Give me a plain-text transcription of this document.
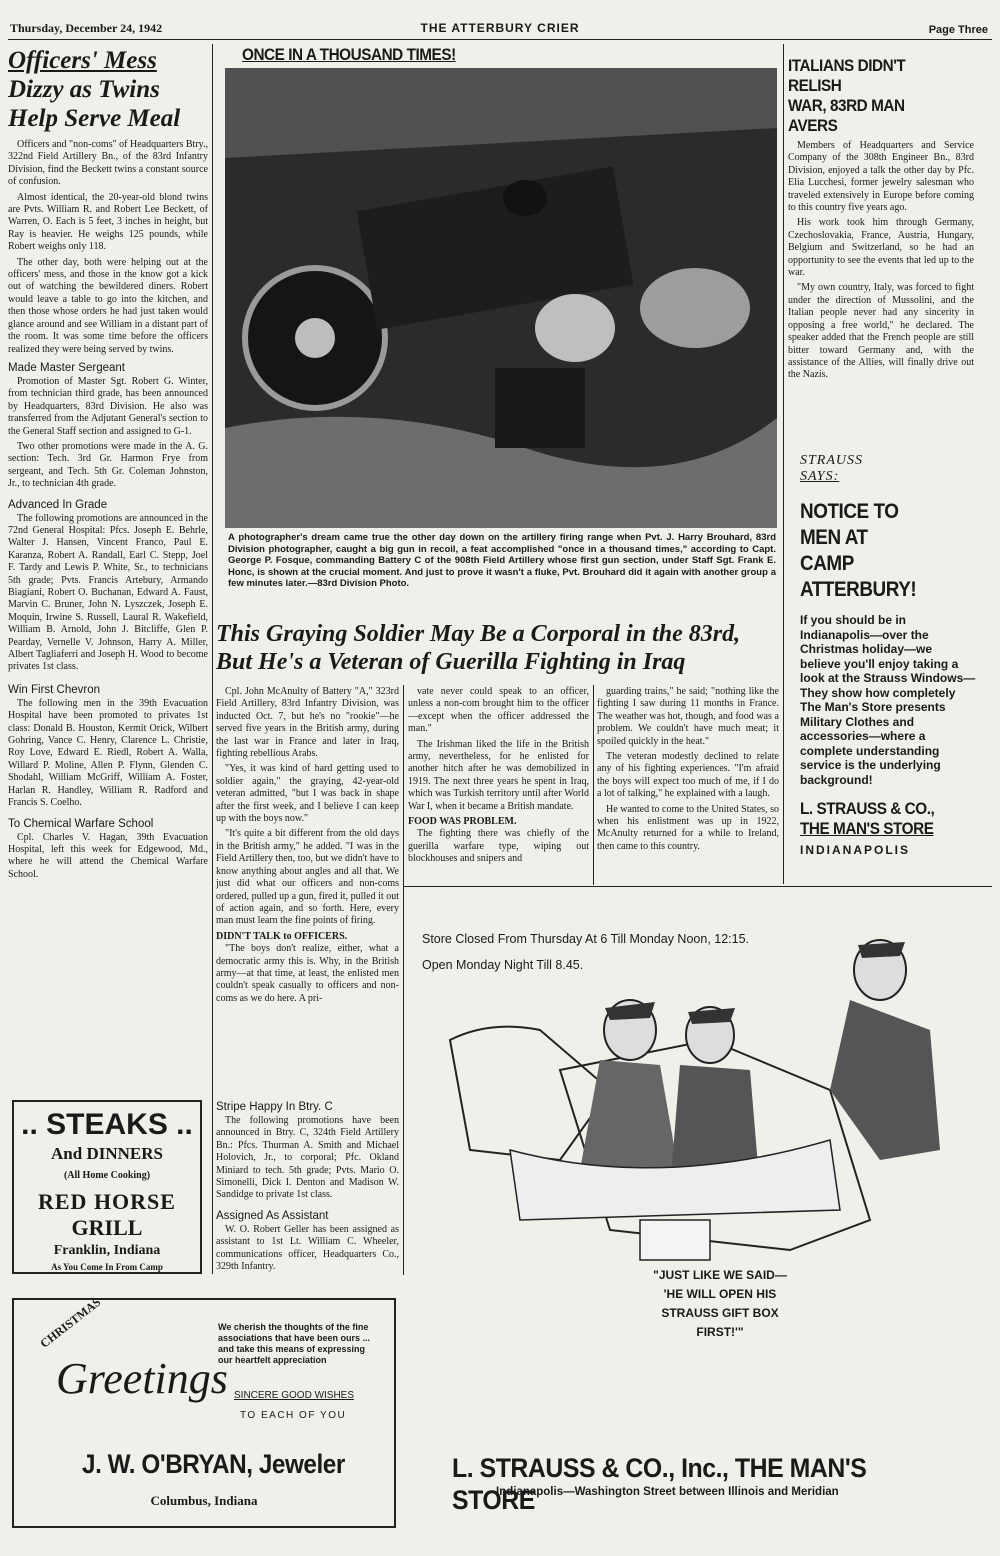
Thursday, December 24, 1942	THE ATTERBURY CRIER	Page Three
Officers' Mess
Dizzy as Twins
Help Serve Meal

Officers and "non-coms" of Headquarters Btry., 322nd Field Artillery Bn., of the 83rd Infantry Division, find the Beckett twins a constant source of confusion.

Almost identical, the 20-year-old blond twins are Pvts. William R. and Robert Lee Beckett, of Warren, O. Each is 5 feet, 3 inches in height, but Ray is heavier. He weighs 125 pounds, while Robert weighs only 118.

The other day, both were helping out at the officers' mess, and those in the know got a kick out of watching the bewildered diners. Robert would leave a table to go into the kitchen, and then those whose orders he had just taken would glance around and see William in a distant part of the room. It was some time before the officers realized they were being served by twins.

Made Master Sergeant

Promotion of Master Sgt. Robert G. Winter, from technician third grade, has been announced by Headquarters, 83rd Division. He also was transferred from the Adjutant General's section to the General Staff section and assigned to G-1.

Two other promotions were made in the A. G. section: Tech. 3rd Gr. Harmon Frye from sergeant, and Tech. 5th Gr. Coleman Johnston, Jr., to technician 4th grade.

Advanced In Grade

The following promotions are announced in the 72nd General Hospital: Pfcs. Joseph E. Behrle, Walter J. Hansen, Vincent Franco, Paul E. Karanza, Robert A. Randall, Earl C. Stepp, Joel F. Tardy and Lewis P. White, Sr., to technicians 5th grade; Pvts. Francis Artebury, Armando Biagiani, Robert O. Buchanan, Edward A. Faust, Marvin C. Bruner, John N. Lyszczek, Joseph E. Moquin, Irwine S. Russell, Laural R. Wakefield, William B. Arnold, John J. Bitcliffe, Glen P. Pearday, Vernelle V. Johnson, Harry A. Miller, Albert Tagliaferri and Joseph H. Wood to become privates 1st class.

Win First Chevron

The following men in the 39th Evacuation Hospital have been promoted to privates 1st class: Donald B. Houston, Kermit Orick, Wilbert Gohring, Vance C. Henry, Clarence L. Christie, Roy Love, Edward E. Riedl, Robert A. Walla, Willard P. Moline, Allen P. Flynn, Glenden C. Shodahl, William McGriff, William A. Foster, Harlan R. Handley, William R. Radford and Francis S. Coelho.

To Chemical Warfare School

Cpl. Charles V. Hagan, 39th Evacuation Hospital, left this week for Edgewood, Md., where he will attend the Chemical Warfare School.

.. STEAKS ..
And DINNERS
(All Home Cooking)
RED HORSE
GRILL
Franklin, Indiana
As You Come In From Camp
ONCE IN A THOUSAND TIMES!
A photographer's dream came true the other day down on the artillery firing range when Pvt. J. Harry Brouhard, 83rd Division photographer, caught a big gun in recoil, a feat accomplished "once in a thousand times," according to Capt. George P. Fosque, commanding Battery C of the 908th Field Artillery whose first gun section, under Staff Sgt. Frank E. Honc, is shown at the crucial moment. And just to prove it wasn't a fluke, Pvt. Brouhard did it again with another group a few minutes later.—83rd Division Photo.
This Graying Soldier May Be a Corporal in the 83rd,
But He's a Veteran of Guerilla Fighting in Iraq

Cpl. John McAnulty of Battery "A," 323rd Field Artillery, 83rd Infantry Division, was inducted Oct. 7, but he's no "rookie"—he served five years in the British army, during the last war in France and later in Iraq, fighting rebellious Arabs.

"Yes, it was kind of hard getting used to soldier again," the graying, 42-year-old veteran admitted, "but I was back in shape after the first week, and I believe I can keep up with the boys now."

"It's quite a bit different from the old days in the British army," he added. "I was in the Field Artillery then, too, but we didn't have to know anything about angles and all that. We just did what our officers and non-coms ordered, pulled up a gun, fired it, pulled it out of action again, and so forth. Here, every man must learn the fine points of firing.

DIDN'T TALK to OFFICERS.

"The boys don't realize, either, what a democratic army this is. Why, in the British army—at that time, at least, the enlisted men couldn't speak casually to officers and non-coms as we do here. A pri-

vate never could speak to an officer, unless a non-com brought him to the officer—except when the officer addressed the man."

The Irishman liked the life in the British army, nevertheless, for he enlisted for another hitch after he was demobilized in 1919. The next three years he spent in Iraq, which was Turkish territory until after World War I, when it became a British mandate.

FOOD WAS PROBLEM.

The fighting there was chiefly of the guerilla warfare type, wiping out blockhouses and snipers and

guarding trains," he said; "nothing like the fighting I saw during 11 months in France. The weather was hot, though, and food was a problem. We couldn't have much meat; it spoiled quickly in the heat."

The veteran modestly declined to relate any of his fighting experiences. "I'm afraid the boys will expect too much of me, if I do a lot of talking," he explained with a laugh.

He wanted to come to the United States, so when his enlistment was up in 1922, McAnulty returned for a while to Ireland, then came to this country.

Stripe Happy In Btry. C

The following promotions have been announced in Btry. C, 324th Field Artillery Bn.: Pfcs. Thurman A. Smith and Michael Holovich, Jr., to corporal; Pfc. Okland Miniard to tech. 5th grade; Pvts. Mario O. Simonelli, Dick I. Denton and Madison W. Sandidge to private 1st class.

Assigned As Assistant

W. O. Robert Geller has been assigned as assistant to 1st Lt. William C. Wheeler, communications officer, Headquarters Co., 329th Infantry.

ITALIANS DIDN'T RELISH
WAR, 83RD MAN AVERS

Members of Headquarters and Service Company of the 308th Engineer Bn., 83rd Division, enjoyed a talk the other day by Pfc. Elia Lucchesi, former jewelry salesman who traveled extensively in Europe before coming to this country five years ago.

His work took him through Germany, Czechoslovakia, France, Austria, Hungary, Belgium and Switzerland, so he had an opportunity to see the events that led up to the war.

"My own country, Italy, was forced to fight under the direction of Mussolini, and the Italian people never had any sincerity in opposing a free world," he declared. The speaker added that the French people are still bitter toward Germany and, with the assistance of the Allies, will finally drive out the Nazis.

STRAUSS
SAYS:
NOTICE TO
MEN AT
CAMP ATTERBURY!
If you should be in Indianapolis—over the Christmas holiday—we believe you'll enjoy taking a look at the Strauss Windows—They show how completely The Man's Store presents Military Clothes and accessories—where a complete understanding service is the underlying background!
L. STRAUSS & CO.,
THE MAN'S STORE
INDIANAPOLIS
Store Closed From Thursday At 6 Till Monday Noon, 12:15.
Open Monday Night Till 8.45.
"JUST LIKE WE SAID—
'HE WILL OPEN HIS
STRAUSS GIFT BOX
FIRST!'"
L. STRAUSS & CO., Inc., THE MAN'S STORE
Indianapolis—Washington Street between Illinois and Meridian
CHRISTMAS
Greetings
We cherish the thoughts of the fine associations that have been ours ... and take this means of expressing our heartfelt appreciation
SINCERE GOOD WISHES
TO EACH OF YOU
J. W. O'BRYAN, Jeweler
Columbus, Indiana
